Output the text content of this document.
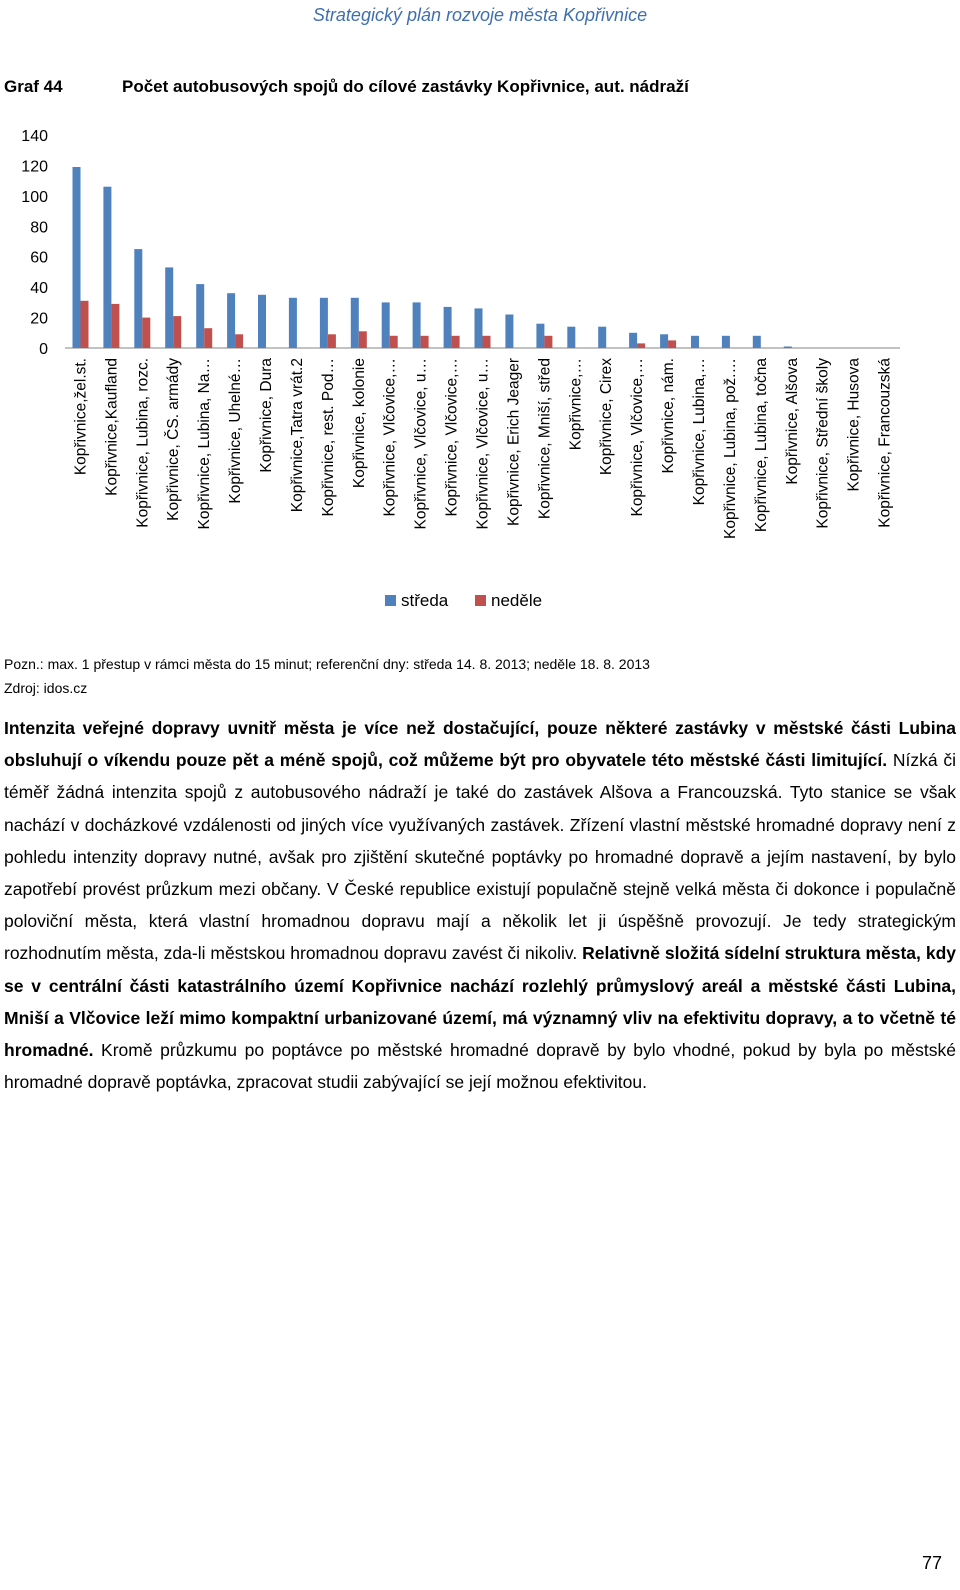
Strategický plán rozvoje města Kopřivnice
Graf 44	Počet autobusových spojů do cílové zastávky Kopřivnice, aut. nádraží
0
20
40
60
80
100
120
140
Kopřivnice,žel.st. Kopřivnice,Kaufland Kopřivnice, Lubina, rozc. Kopřivnice, ČS. armády Kopřivnice, Lubina, Na… Kopřivnice, Uhelné… Kopřivnice, Dura Kopřivnice,Tatra vrát.2 Kopřivnice, rest. Pod… Kopřivnice, kolonie Kopřivnice, Vlčovice,… Kopřivnice, Vlčovice, u… Kopřivnice, Vlčovice,… Kopřivnice, Vlčovice, u… Kopřivnice, Erich Jeager Kopřivnice, Mniší, střed Kopřivnice,… Kopřivnice, Cirex Kopřivnice, Vlčovice,… Kopřivnice, nám. Kopřivnice, Lubina,… Kopřivnice, Lubina, pož.… Kopřivnice, Lubina, točna Kopřivnice, Alšova Kopřivnice, Střední školy Kopřivnice, Husova Kopřivnice, Francouzská
středa	neděle
Pozn.: max. 1 přestup v rámci města do 15 minut; referenční dny: středa 14. 8. 2013; neděle 18. 8. 2013
Zdroj: idos.cz
Intenzita veřejné dopravy uvnitř města je více než dostačující, pouze některé zastávky v městské části Lubina obsluhují o víkendu pouze pět a méně spojů, což můžeme být pro obyvatele této městské části limitující. Nízká či téměř žádná intenzita spojů z autobusového nádraží je také do zastávek Alšova a Francouzská. Tyto stanice se však nachází v docházkové vzdálenosti od jiných více využívaných zastávek. Zřízení vlastní městské hromadné dopravy není z pohledu intenzity dopravy nutné, avšak pro zjištění skutečné poptávky po hromadné dopravě a jejím nastavení, by bylo zapotřebí provést průzkum mezi občany. V České republice existují populačně stejně velká města či dokonce i populačně poloviční města, která vlastní hromadnou dopravu mají a několik let ji úspěšně provozují. Je tedy strategickým rozhodnutím města, zda-li městskou hromadnou dopravu zavést či nikoliv. Relativně složitá sídelní struktura města, kdy se v centrální části katastrálního území Kopřivnice nachází rozlehlý průmyslový areál a městské části Lubina, Mniší a Vlčovice leží mimo kompaktní urbanizované území, má významný vliv na efektivitu dopravy, a to včetně té hromadné. Kromě průzkumu po poptávce po městské hromadné dopravě by bylo vhodné, pokud by byla po městské hromadné dopravě poptávka, zpracovat studii zabývající se její možnou efektivitou.
77
